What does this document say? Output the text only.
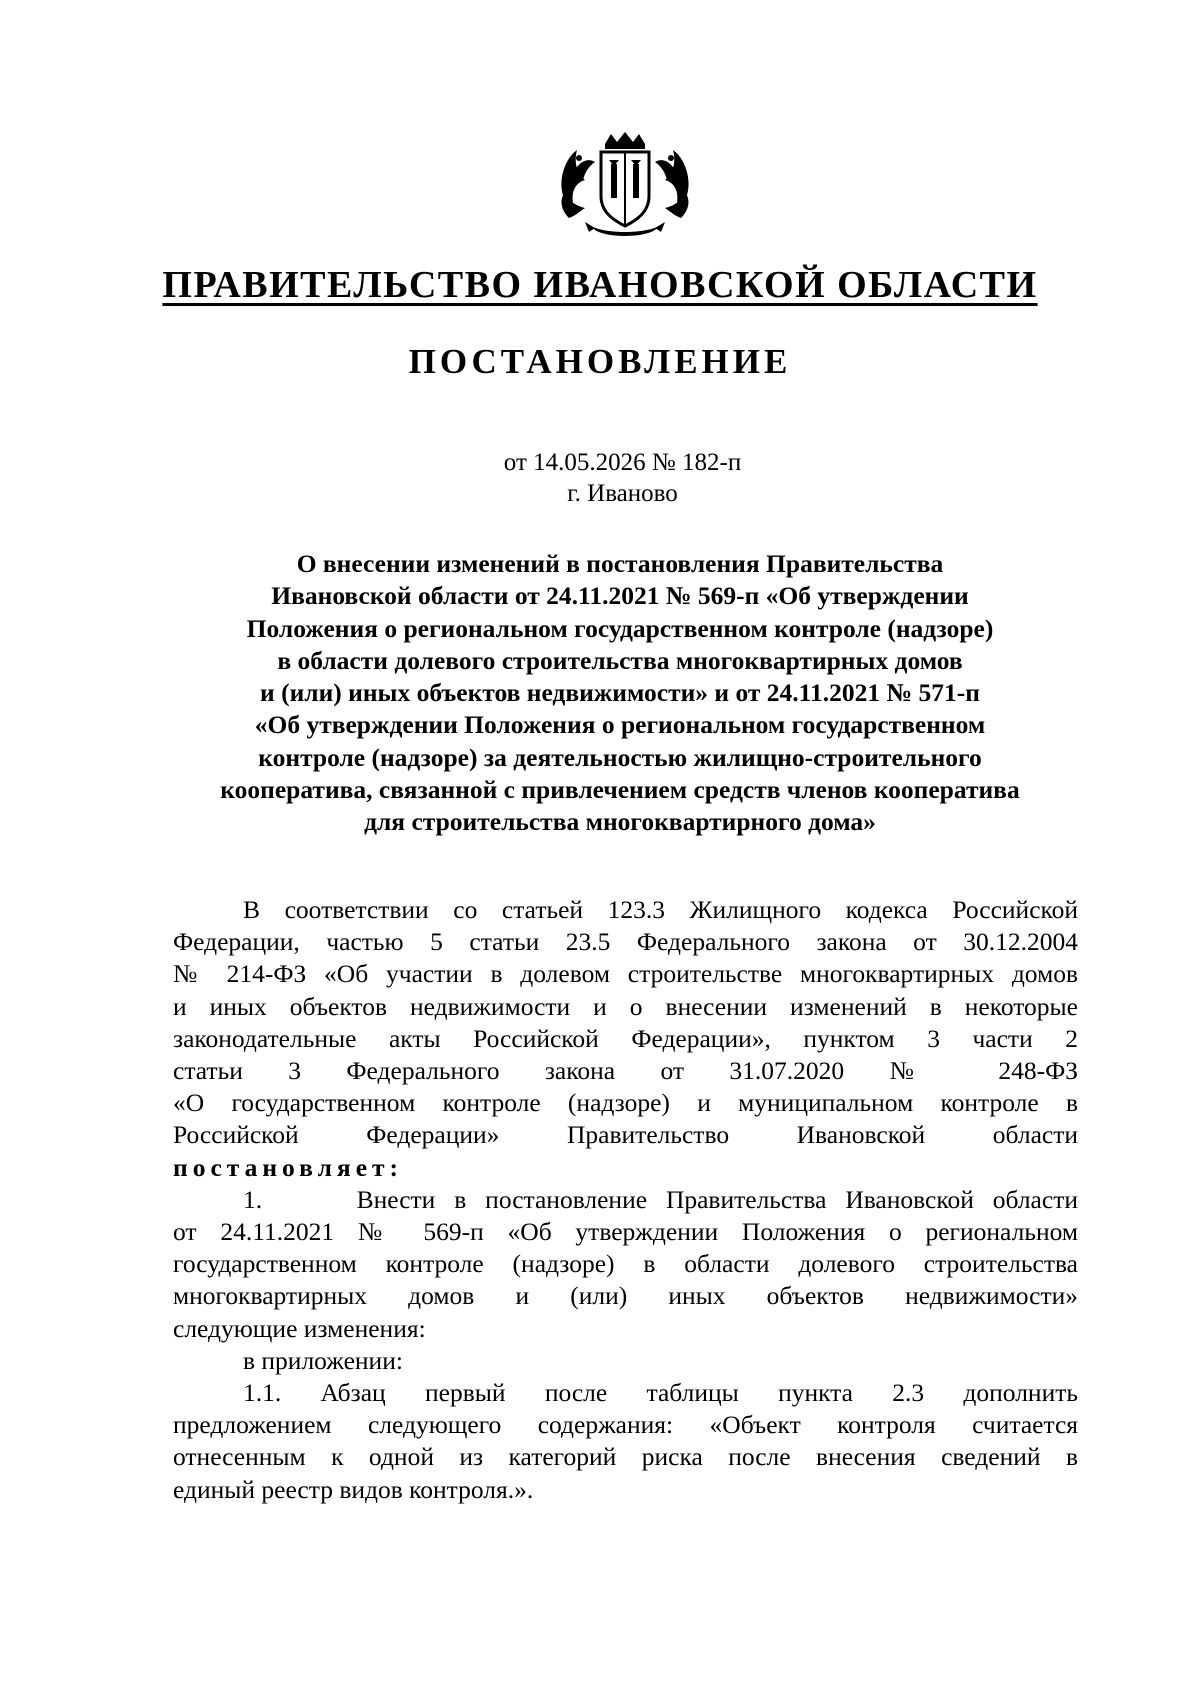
ПРАВИТЕЛЬСТВО ИВАНОВСКОЙ ОБЛАСТИ
ПОСТАНОВЛЕНИЕ
от 14.05.2026 № 182-п
г. Иваново
О внесении изменений в постановления Правительства
Ивановской области от 24.11.2021 № 569-п «Об утверждении
Положения о региональном государственном контроле (надзоре)
в области долевого строительства многоквартирных домов
и (или) иных объектов недвижимости» и от 24.11.2021 № 571-п
«Об утверждении Положения о региональном государственном
контроле (надзоре) за деятельностью жилищно-строительного
кооператива, связанной с привлечением средств членов кооператива
для строительства многоквартирного дома»
В соответствии со статьей 123.3 Жилищного кодекса Российской
Федерации, частью 5 статьи 23.5 Федерального закона от 30.12.2004
№ 214-ФЗ «Об участии в долевом строительстве многоквартирных домов
и иных объектов недвижимости и о внесении изменений в некоторые
законодательные акты Российской Федерации», пунктом 3 части 2
статьи 3 Федерального закона от 31.07.2020 № 248-ФЗ
«О государственном контроле (надзоре) и муниципальном контроле в
Российской Федерации» Правительство Ивановской области
постановляет:
1.     Внести в постановление Правительства Ивановской области
от 24.11.2021 № 569-п «Об утверждении Положения о региональном
государственном контроле (надзоре) в области долевого строительства
многоквартирных домов и (или) иных объектов недвижимости»
следующие изменения:
в приложении:
1.1. Абзац первый после таблицы пункта 2.3 дополнить
предложением следующего содержания: «Объект контроля считается
отнесенным к одной из категорий риска после внесения сведений в
единый реестр видов контроля.».
